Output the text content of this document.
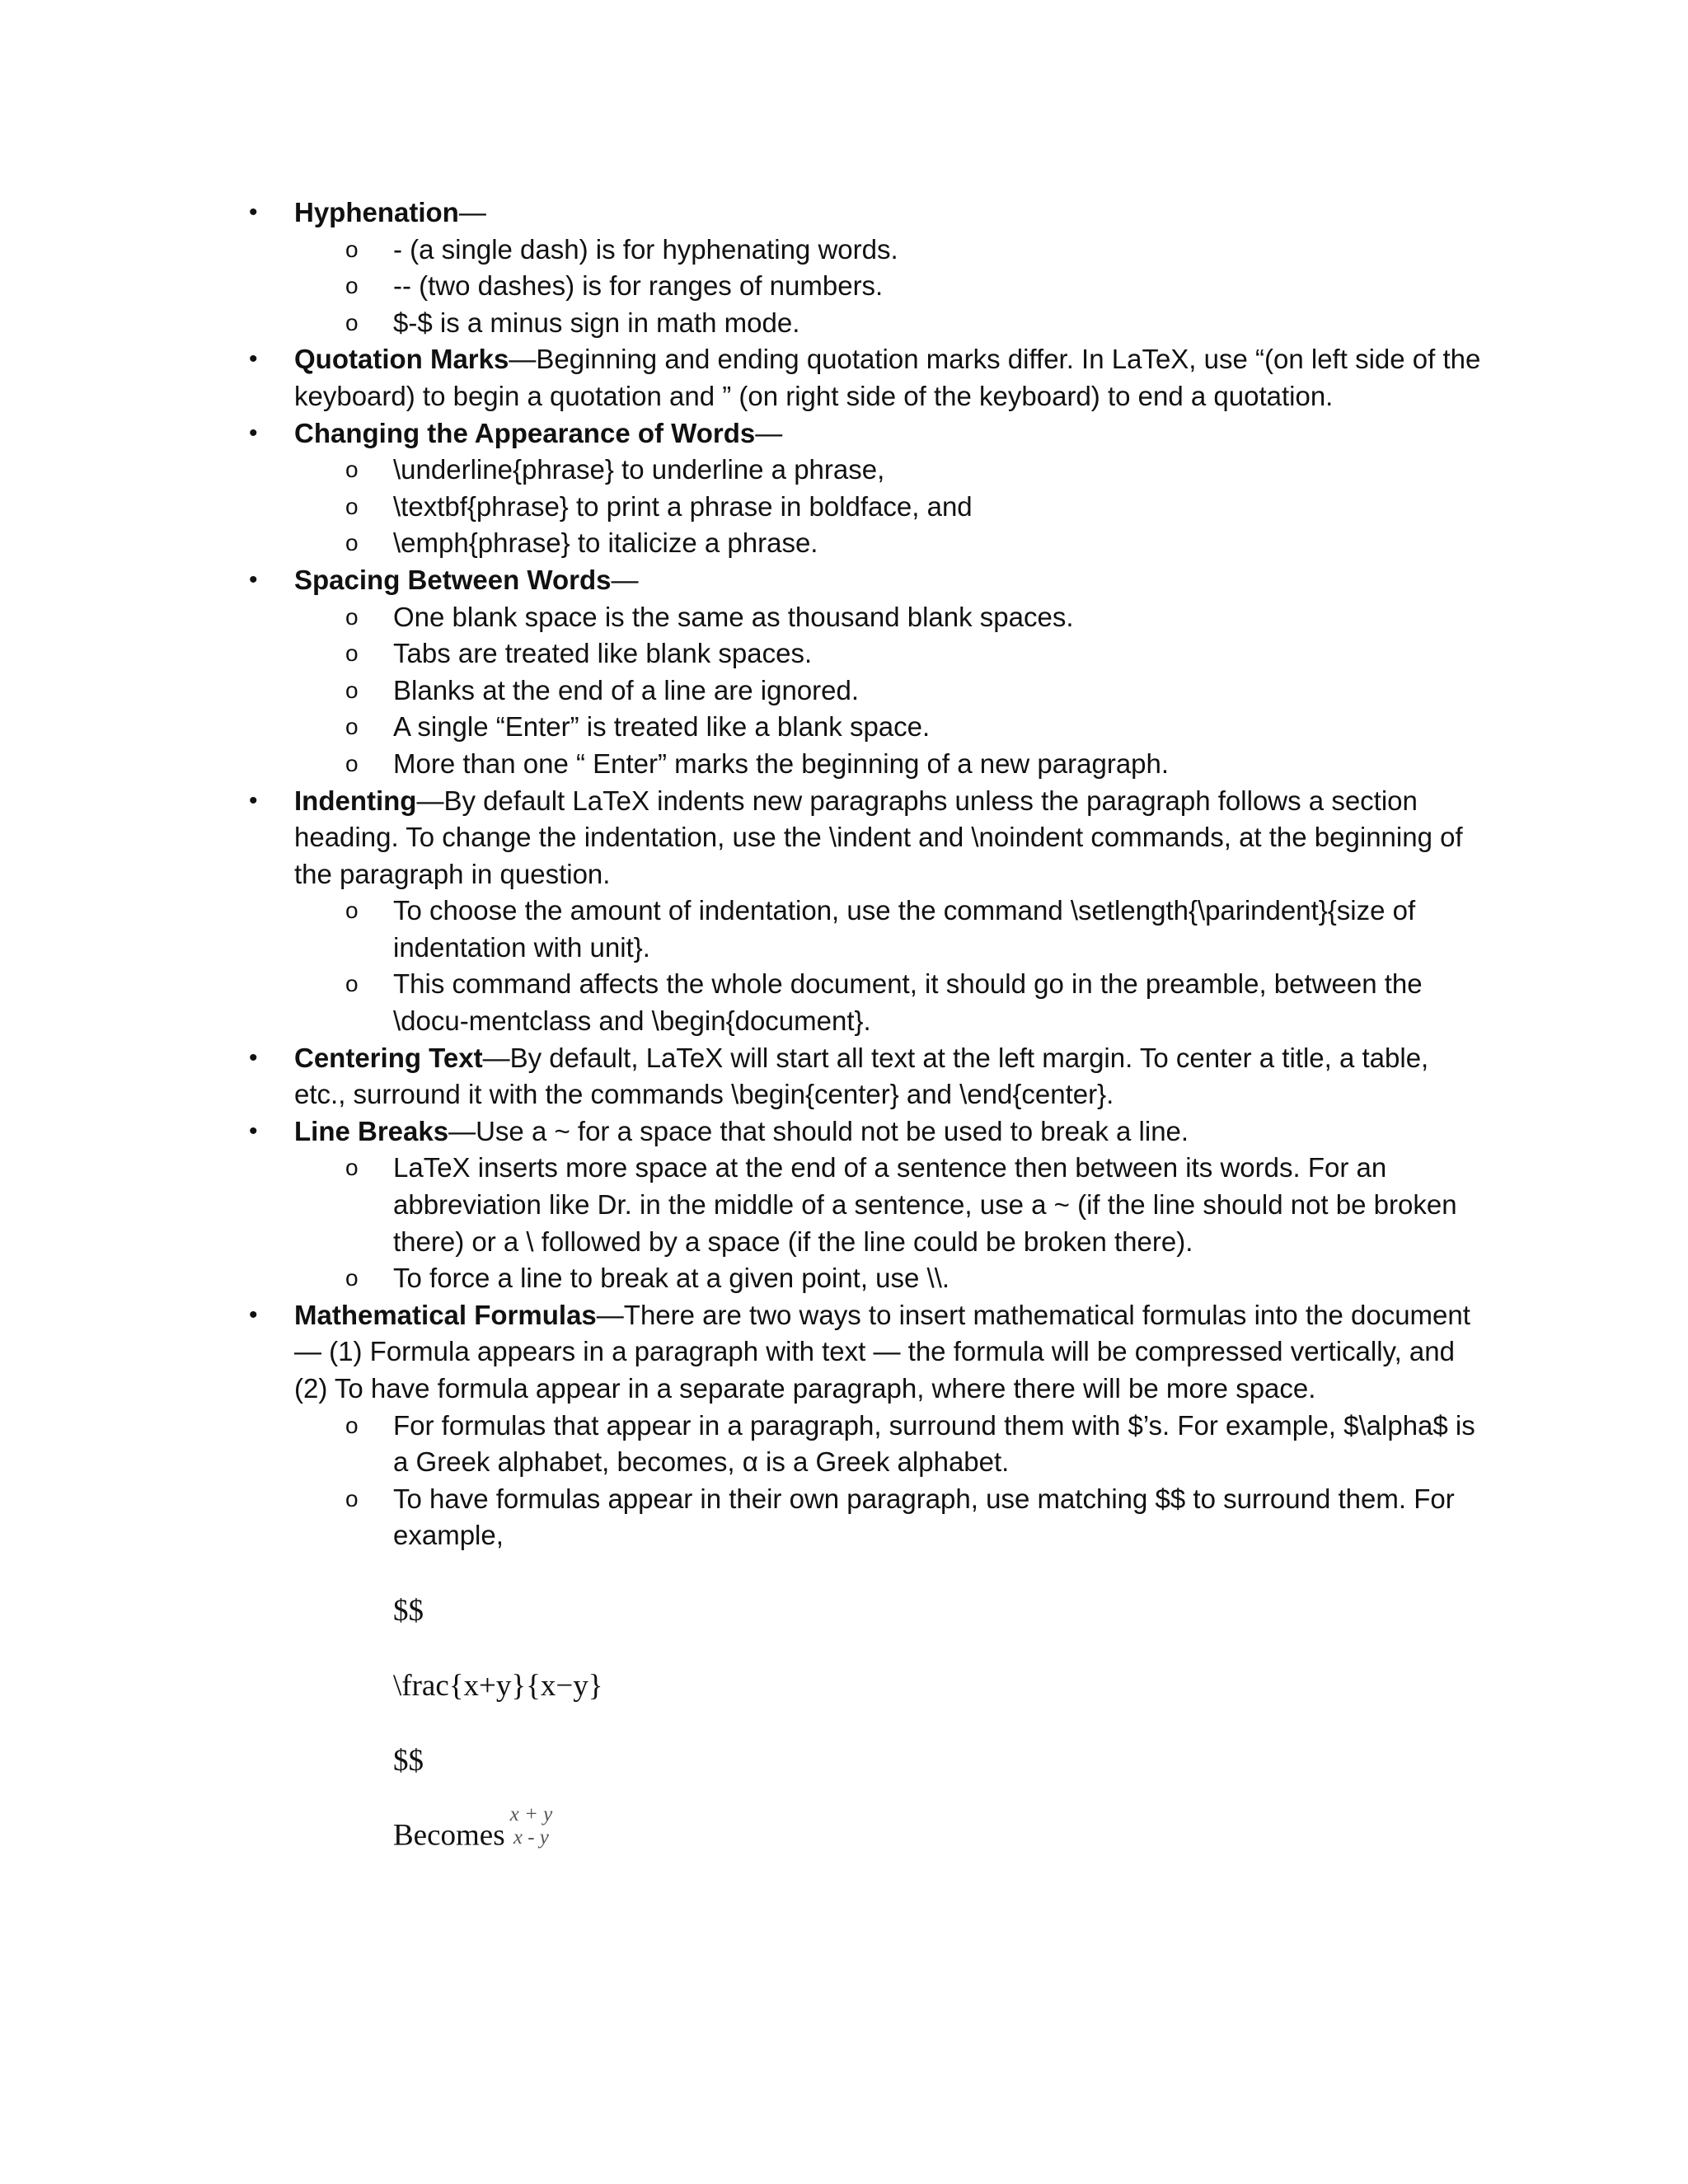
•	Hyphenation—
o - (a single dash) is for hyphenating words.
o -- (two dashes) is for ranges of numbers.
o $-$ is a minus sign in math mode.
•	Quotation Marks—Beginning and ending quotation marks differ. In LaTeX, use “(on left side of the keyboard) to begin a quotation and ” (on right side of the keyboard) to end a quotation.
•	Changing the Appearance of Words—
o \underline{phrase} to underline a phrase,
o \textbf{phrase} to print a phrase in boldface, and
o \emph{phrase} to italicize a phrase.
•	Spacing Between Words—
o One blank space is the same as thousand blank spaces.
o Tabs are treated like blank spaces.
o Blanks at the end of a line are ignored.
o A single “Enter” is treated like a blank space.
o More than one “ Enter” marks the beginning of a new paragraph.
•	Indenting—By default LaTeX indents new paragraphs unless the paragraph follows a section heading. To change the indentation, use the \indent and \noindent commands, at the beginning of the paragraph in question.
o To choose the amount of indentation, use the command \setlength{\parindent}{size of indentation with unit}.
o This command affects the whole document, it should go in the preamble, between the \docu-mentclass and \begin{document}.
•	Centering Text—By default, LaTeX will start all text at the left margin. To center a title, a table, etc., surround it with the commands \begin{center} and \end{center}.
•	Line Breaks—Use a ~ for a space that should not be used to break a line.
o LaTeX inserts more space at the end of a sentence then between its words. For an abbreviation like Dr. in the middle of a sentence, use a ~ (if the line should not be broken there) or a \ followed by a space (if the line could be broken there).
o To force a line to break at a given point, use \\.
•	Mathematical Formulas—There are two ways to insert mathematical formulas into the document — (1) Formula appears in a paragraph with text — the formula will be compressed vertically, and (2) To have formula appear in a separate paragraph, where there will be more space.
o For formulas that appear in a paragraph, surround them with $’s. For example, $\alpha$ is a Greek alphabet, becomes, α is a Greek alphabet.
o To have formulas appear in their own paragraph, use matching $$ to surround them. For example,
$$
\frac{x+y}{x−y}
$$
Becomes
x + y
x - y
